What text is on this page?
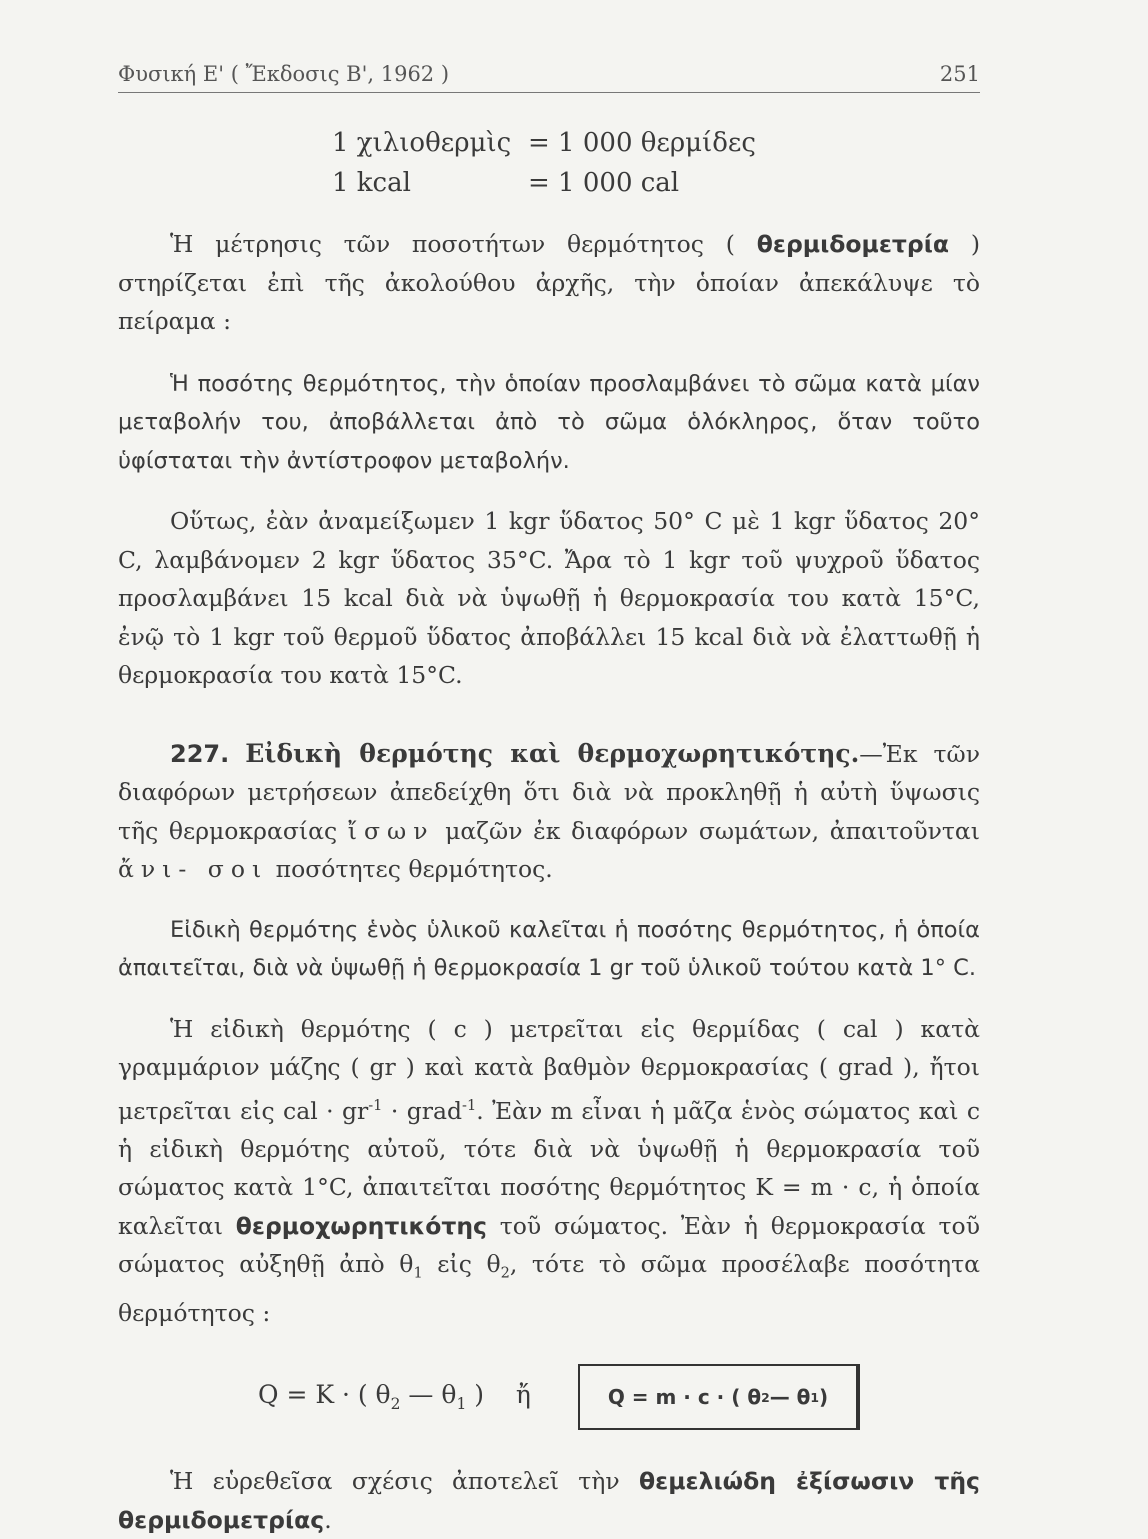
Φυσική Ε' ( Ἔκδοσις Β', 1962 )	251
1 χιλιοθερμὶς = 1 000 θερμίδες
1 kcal	= 1 000 cal

Ἡ μέτρησις τῶν ποσοτήτων θερμότητος ( θερμιδομετρία ) στηρίζεται ἐπὶ τῆς ἀκολούθου ἀρχῆς, τὴν ὁποίαν ἀπεκάλυψε τὸ πείραμα :

Ἡ ποσότης θερμότητος, τὴν ὁποίαν προσλαμβάνει τὸ σῶμα κατὰ μίαν μεταβολήν του, ἀποβάλλεται ἀπὸ τὸ σῶμα ὁλόκληρος, ὅταν τοῦτο ὑφίσταται τὴν ἀντίστροφον μεταβολήν.

Οὕτως, ἐὰν ἀναμείξωμεν 1 kgr ὕδατος 50° C μὲ 1 kgr ὕδατος 20° C, λαμβάνομεν 2 kgr ὕδατος 35°C. Ἄρα τὸ 1 kgr τοῦ ψυχροῦ ὕδατος προσλαμβάνει 15 kcal διὰ νὰ ὑψωθῇ ἡ θερμοκρασία του κατὰ 15°C, ἐνῷ τὸ 1 kgr τοῦ θερμοῦ ὕδατος ἀποβάλλει 15 kcal διὰ νὰ ἐλαττωθῇ ἡ θερμοκρασία του κατὰ 15°C.

227. Εἰδικὴ θερμότης καὶ θερμοχωρητικότης.—Ἐκ τῶν διαφόρων μετρήσεων ἀπεδείχθη ὅτι διὰ νὰ προκληθῇ ἡ αὐτὴ ὕψωσις τῆς θερμοκρασίας ἴσων μαζῶν ἐκ διαφόρων σωμάτων, ἀπαιτοῦνται ἄνι- σοι ποσότητες θερμότητος.

Εἰδικὴ θερμότης ἑνὸς ὑλικοῦ καλεῖται ἡ ποσότης θερμότητος, ἡ ὁποία ἀπαιτεῖται, διὰ νὰ ὑψωθῇ ἡ θερμοκρασία 1 gr τοῦ ὑλικοῦ τούτου κατὰ 1° C.

Ἡ εἰδικὴ θερμότης ( c ) μετρεῖται εἰς θερμίδας ( cal ) κατὰ γραμμάριον μάζης ( gr ) καὶ κατὰ βαθμὸν θερμοκρασίας ( grad ), ἤτοι μετρεῖται εἰς cal · $gr^{-1}$ · grad$^{-1}$. Ἐὰν m εἶναι ἡ μᾶζα ἑνὸς σώματος καὶ c ἡ εἰδικὴ θερμότης αὐτοῦ, τότε διὰ νὰ ὑψωθῇ ἡ θερμοκρασία τοῦ σώματος κατὰ 1°C, ἀπαιτεῖται ποσότης θερμότητος K = m · c, ἡ ὁποία καλεῖται θερμοχωρητικότης τοῦ σώματος. Ἐὰν ἡ θερμοκρασία τοῦ σώματος αὐξηθῇ ἀπὸ $\theta_1$ εἰς $\theta_2$, τότε τὸ σῶμα προσέλαβε ποσότητα θερμότητος :

Q = K · ( $\theta_2$ — $\theta_1$ ) ἤ	Q = m · c · ( θ 2 — θ 1 )

Ἡ εὑρεθεῖσα σχέσις ἀποτελεῖ τὴν θεμελιώδη ἐξίσωσιν τῆς θερμιδομετρίας.
